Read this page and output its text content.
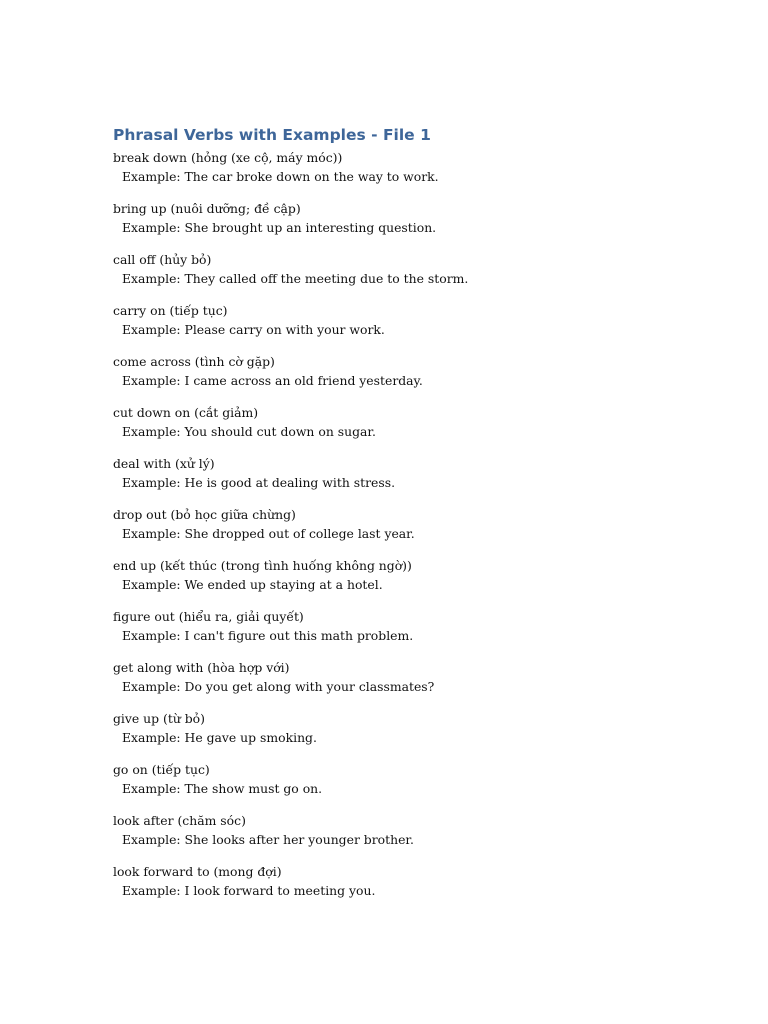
Phrasal Verbs with Examples - File 1
break down (hỏng (xe cộ, máy móc))
Example: The car broke down on the way to work.
bring up (nuôi dưỡng; đề cập)
Example: She brought up an interesting question.
call off (hủy bỏ)
Example: They called off the meeting due to the storm.
carry on (tiếp tục)
Example: Please carry on with your work.
come across (tình cờ gặp)
Example: I came across an old friend yesterday.
cut down on (cắt giảm)
Example: You should cut down on sugar.
deal with (xử lý)
Example: He is good at dealing with stress.
drop out (bỏ học giữa chừng)
Example: She dropped out of college last year.
end up (kết thúc (trong tình huống không ngờ))
Example: We ended up staying at a hotel.
figure out (hiểu ra, giải quyết)
Example: I can't figure out this math problem.
get along with (hòa hợp với)
Example: Do you get along with your classmates?
give up (từ bỏ)
Example: He gave up smoking.
go on (tiếp tục)
Example: The show must go on.
look after (chăm sóc)
Example: She looks after her younger brother.
look forward to (mong đợi)
Example: I look forward to meeting you.
